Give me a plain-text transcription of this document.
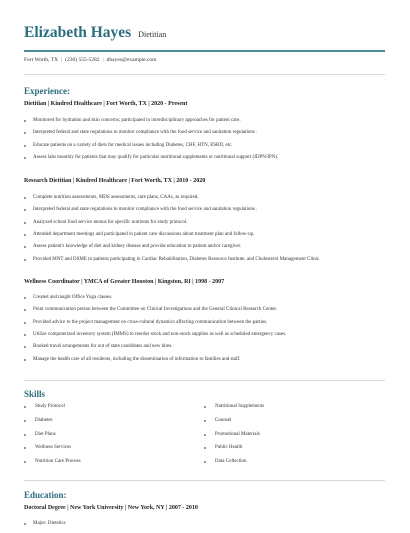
Elizabeth Hayes Dietitian
Fort Worth, TX | (230) 555-5282 | dhayes@example.com
Experience:
Dietitian | Kindred Healthcare | Fort Worth, TX | 2020 - Present
Monitored for hydration and skin concerns; participated in interdisciplinary approaches for patient care.
Interpreted federal and state regulations to monitor compliance with the food service and sanitation regulations .
Educate patients on a variety of diets for medical issues including Diabetes, CHF, HTN, ESRD, etc.
Assess labs monthly for patients that may qualify for particular nutritional supplements or nutritional support (IDPN/IPN).
Research Dietitian | Kindred Healthcare | Fort Worth, TX | 2010 - 2020
Complete nutrition assessments, MDS assessments, care plans, CAAs, as required.
Interpreted federal and state regulations to monitor compliance with the food service and sanitation regulations .
Analyzed school food service menus for specific nutrients for study protocol.
Attended department meetings and participated in patient care discussions about treatment plan and follow-up.
Assess patient's knowledge of diet and kidney disease and provide education to patient and/or caregiver.
Provided MNT and DSME to patients participating in Cardiac Rehabilitation, Diabetes Resource Institute, and Cholesterol Management Clinic.
Wellness Coordinator | YMCA of Greater Houston | Kingston, RI | 1998 - 2007
Created and taught Office Yoga classes.
Point communication person between the Committee on Clinical Investigations and the General Clinical Research Center.
Provided advice to the project management on cross-cultural dynamics affecting communication between the parties.
Utilize computerized inventory system (IMMS) to reorder stock and non-stock supplies as well as scheduled emergency cases.
Booked travel arrangements for out of state candidates and new hires.
Manage the health care of all residents, including the dissemination of information to families and staff.
Skills
Study Protocol	Nutritional Supplements
Diabetes	Counsel
Diet Plans	Promotional Materials
Wellness Services	Public Health
Nutrition Care Process	Data Collection
Education:
Doctoral Degree | New York University | New York, NY | 2007 - 2010
Major: Dietetics
